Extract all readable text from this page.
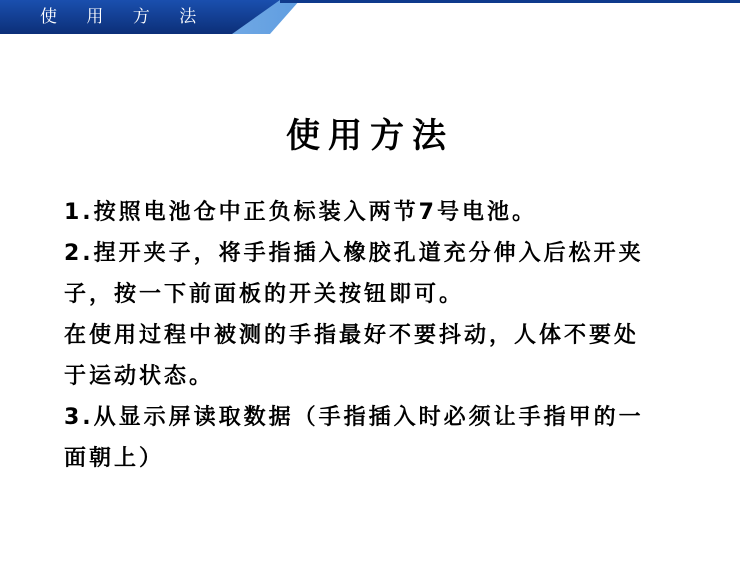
使 用 方 法
使用方法

1.按照电池仓中正负标装入两节7号电池。

2.捏开夹子，将手指插入橡胶孔道充分伸入后松开夹

子，按一下前面板的开关按钮即可。

在使用过程中被测的手指最好不要抖动，人体不要处

于运动状态。

3.从显示屏读取数据（手指插入时必须让手指甲的一

面朝上）
